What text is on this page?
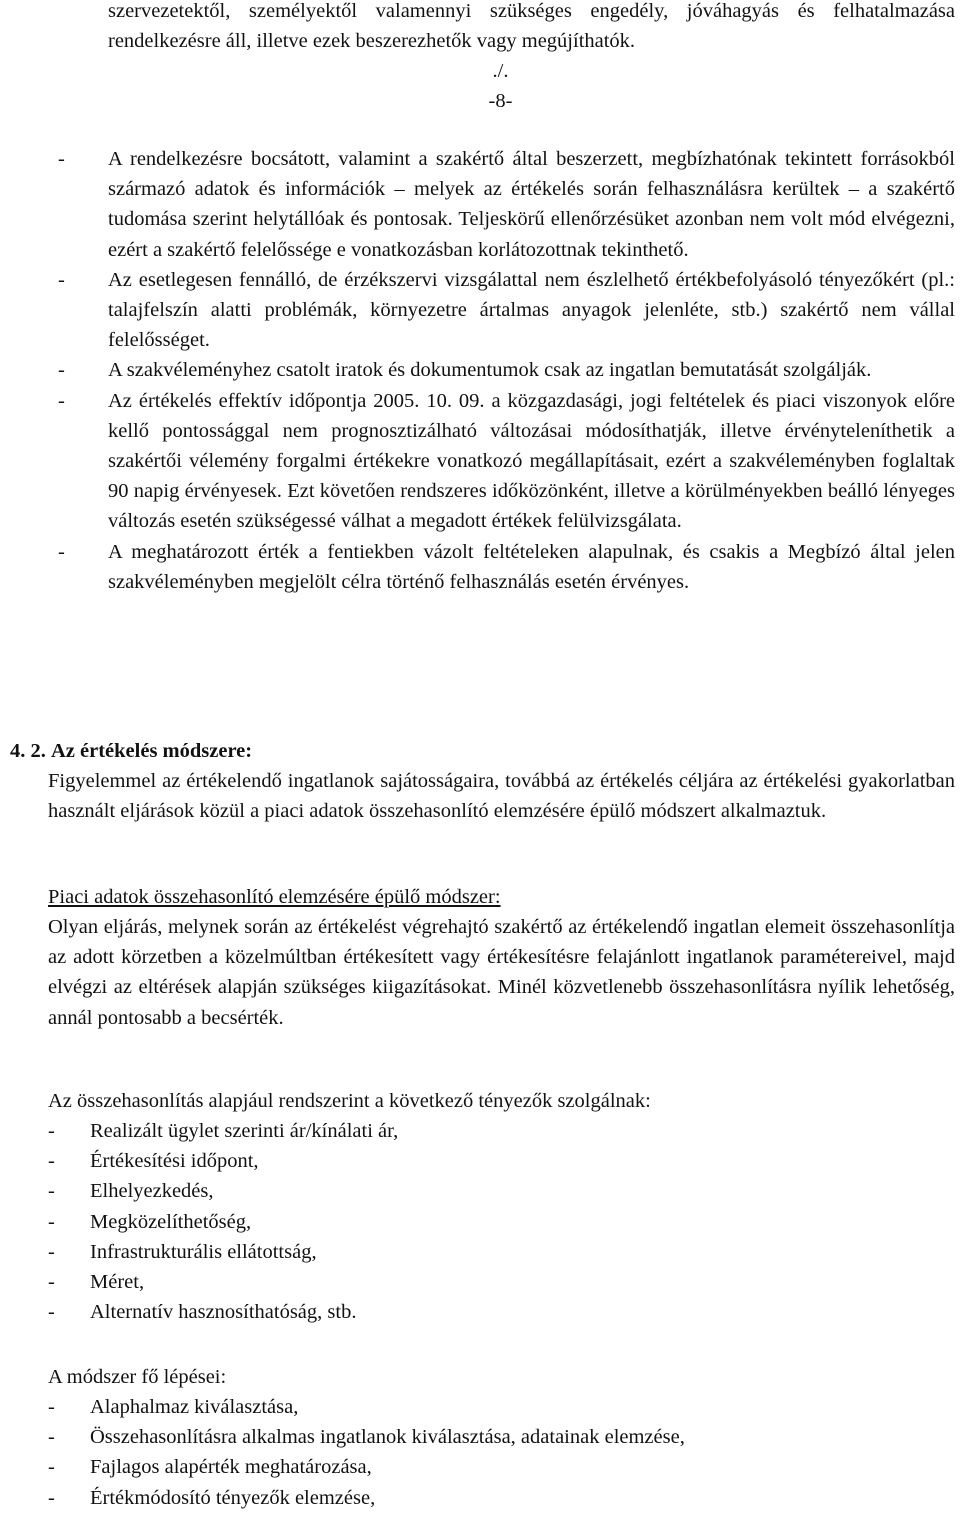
szervezetektől, személyektől valamennyi szükséges engedély, jóváhagyás és felhatalmazása rendelkezésre áll, illetve ezek beszerezhetők vagy megújíthatók.

./.

-8-

- A rendelkezésre bocsátott, valamint a szakértő által beszerzett, megbízhatónak tekintett forrásokból származó adatok és információk – melyek az értékelés során felhasználásra kerültek – a szakértő tudomása szerint helytállóak és pontosak. Teljeskörű ellenőrzésüket azonban nem volt mód elvégezni, ezért a szakértő felelőssége e vonatkozásban korlátozottnak tekinthető.
- Az esetlegesen fennálló, de érzékszervi vizsgálattal nem észlelhető értékbefolyásoló tényezőkért (pl.: talajfelszín alatti problémák, környezetre ártalmas anyagok jelenléte, stb.) szakértő nem vállal felelősséget.
- A szakvéleményhez csatolt iratok és dokumentumok csak az ingatlan bemutatását szolgálják.
- Az értékelés effektív időpontja 2005. 10. 09. a közgazdasági, jogi feltételek és piaci viszonyok előre kellő pontossággal nem prognosztizálható változásai módosíthatják, illetve érvényteleníthetik a szakértői vélemény forgalmi értékekre vonatkozó megállapításait, ezért a szakvéleményben foglaltak 90 napig érvényesek. Ezt követően rendszeres időközönként, illetve a körülményekben beálló lényeges változás esetén szükségessé válhat a megadott értékek felülvizsgálata.
- A meghatározott érték a fentiekben vázolt feltételeken alapulnak, és csakis a Megbízó által jelen szakvéleményben megjelölt célra történő felhasználás esetén érvényes.

4. 2. Az értékelés módszere:

Figyelemmel az értékelendő ingatlanok sajátosságaira, továbbá az értékelés céljára az értékelési gyakorlatban használt eljárások közül a piaci adatok összehasonlító elemzésére épülő módszert alkalmaztuk.

Piaci adatok összehasonlító elemzésére épülő módszer:

Olyan eljárás, melynek során az értékelést végrehajtó szakértő az értékelendő ingatlan elemeit összehasonlítja az adott körzetben a közelmúltban értékesített vagy értékesítésre felajánlott ingatlanok paramétereivel, majd elvégzi az eltérések alapján szükséges kiigazításokat. Minél közvetlenebb összehasonlításra nyílik lehetőség, annál pontosabb a becsérték.

Az összehasonlítás alapjául rendszerint a következő tényezők szolgálnak:

- Realizált ügylet szerinti ár/kínálati ár,
- Értékesítési időpont,
- Elhelyezkedés,
- Megközelíthetőség,
- Infrastrukturális ellátottság,
- Méret,
- Alternatív hasznosíthatóság, stb.

A módszer fő lépései:

- Alaphalmaz kiválasztása,
- Összehasonlításra alkalmas ingatlanok kiválasztása, adatainak elemzése,
- Fajlagos alapérték meghatározása,
- Értékmódosító tényezők elemzése,
